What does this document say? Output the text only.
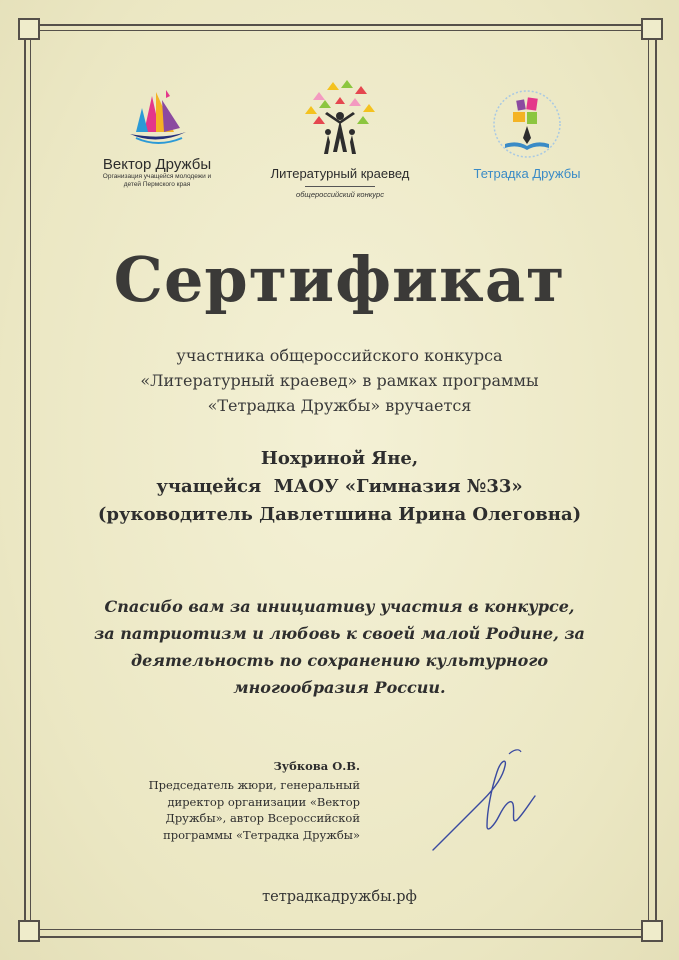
Вектор Дружбы
Организация учащейся молодежи и
детей Пермского края
Литературный краевед
общероссийский конкурс
Тетрадка Дружбы
Сертификат
участника общероссийского конкурса
«Литературный краевед» в рамках программы
«Тетрадка Дружбы» вручается
Нохриной Яне,
учащейся  МАОУ «Гимназия №33»
(руководитель Давлетшина Ирина Олеговна)
Спасибо вам за инициативу участия в конкурсе,
за патриотизм и любовь к своей малой Родине, за
деятельность по сохранению культурного
многообразия России.
Зубкова О.В.
Председатель жюри, генеральный
директор организации «Вектор
Дружбы», автор Всероссийской
программы «Тетрадка Дружбы»
тетрадкадружбы.рф
